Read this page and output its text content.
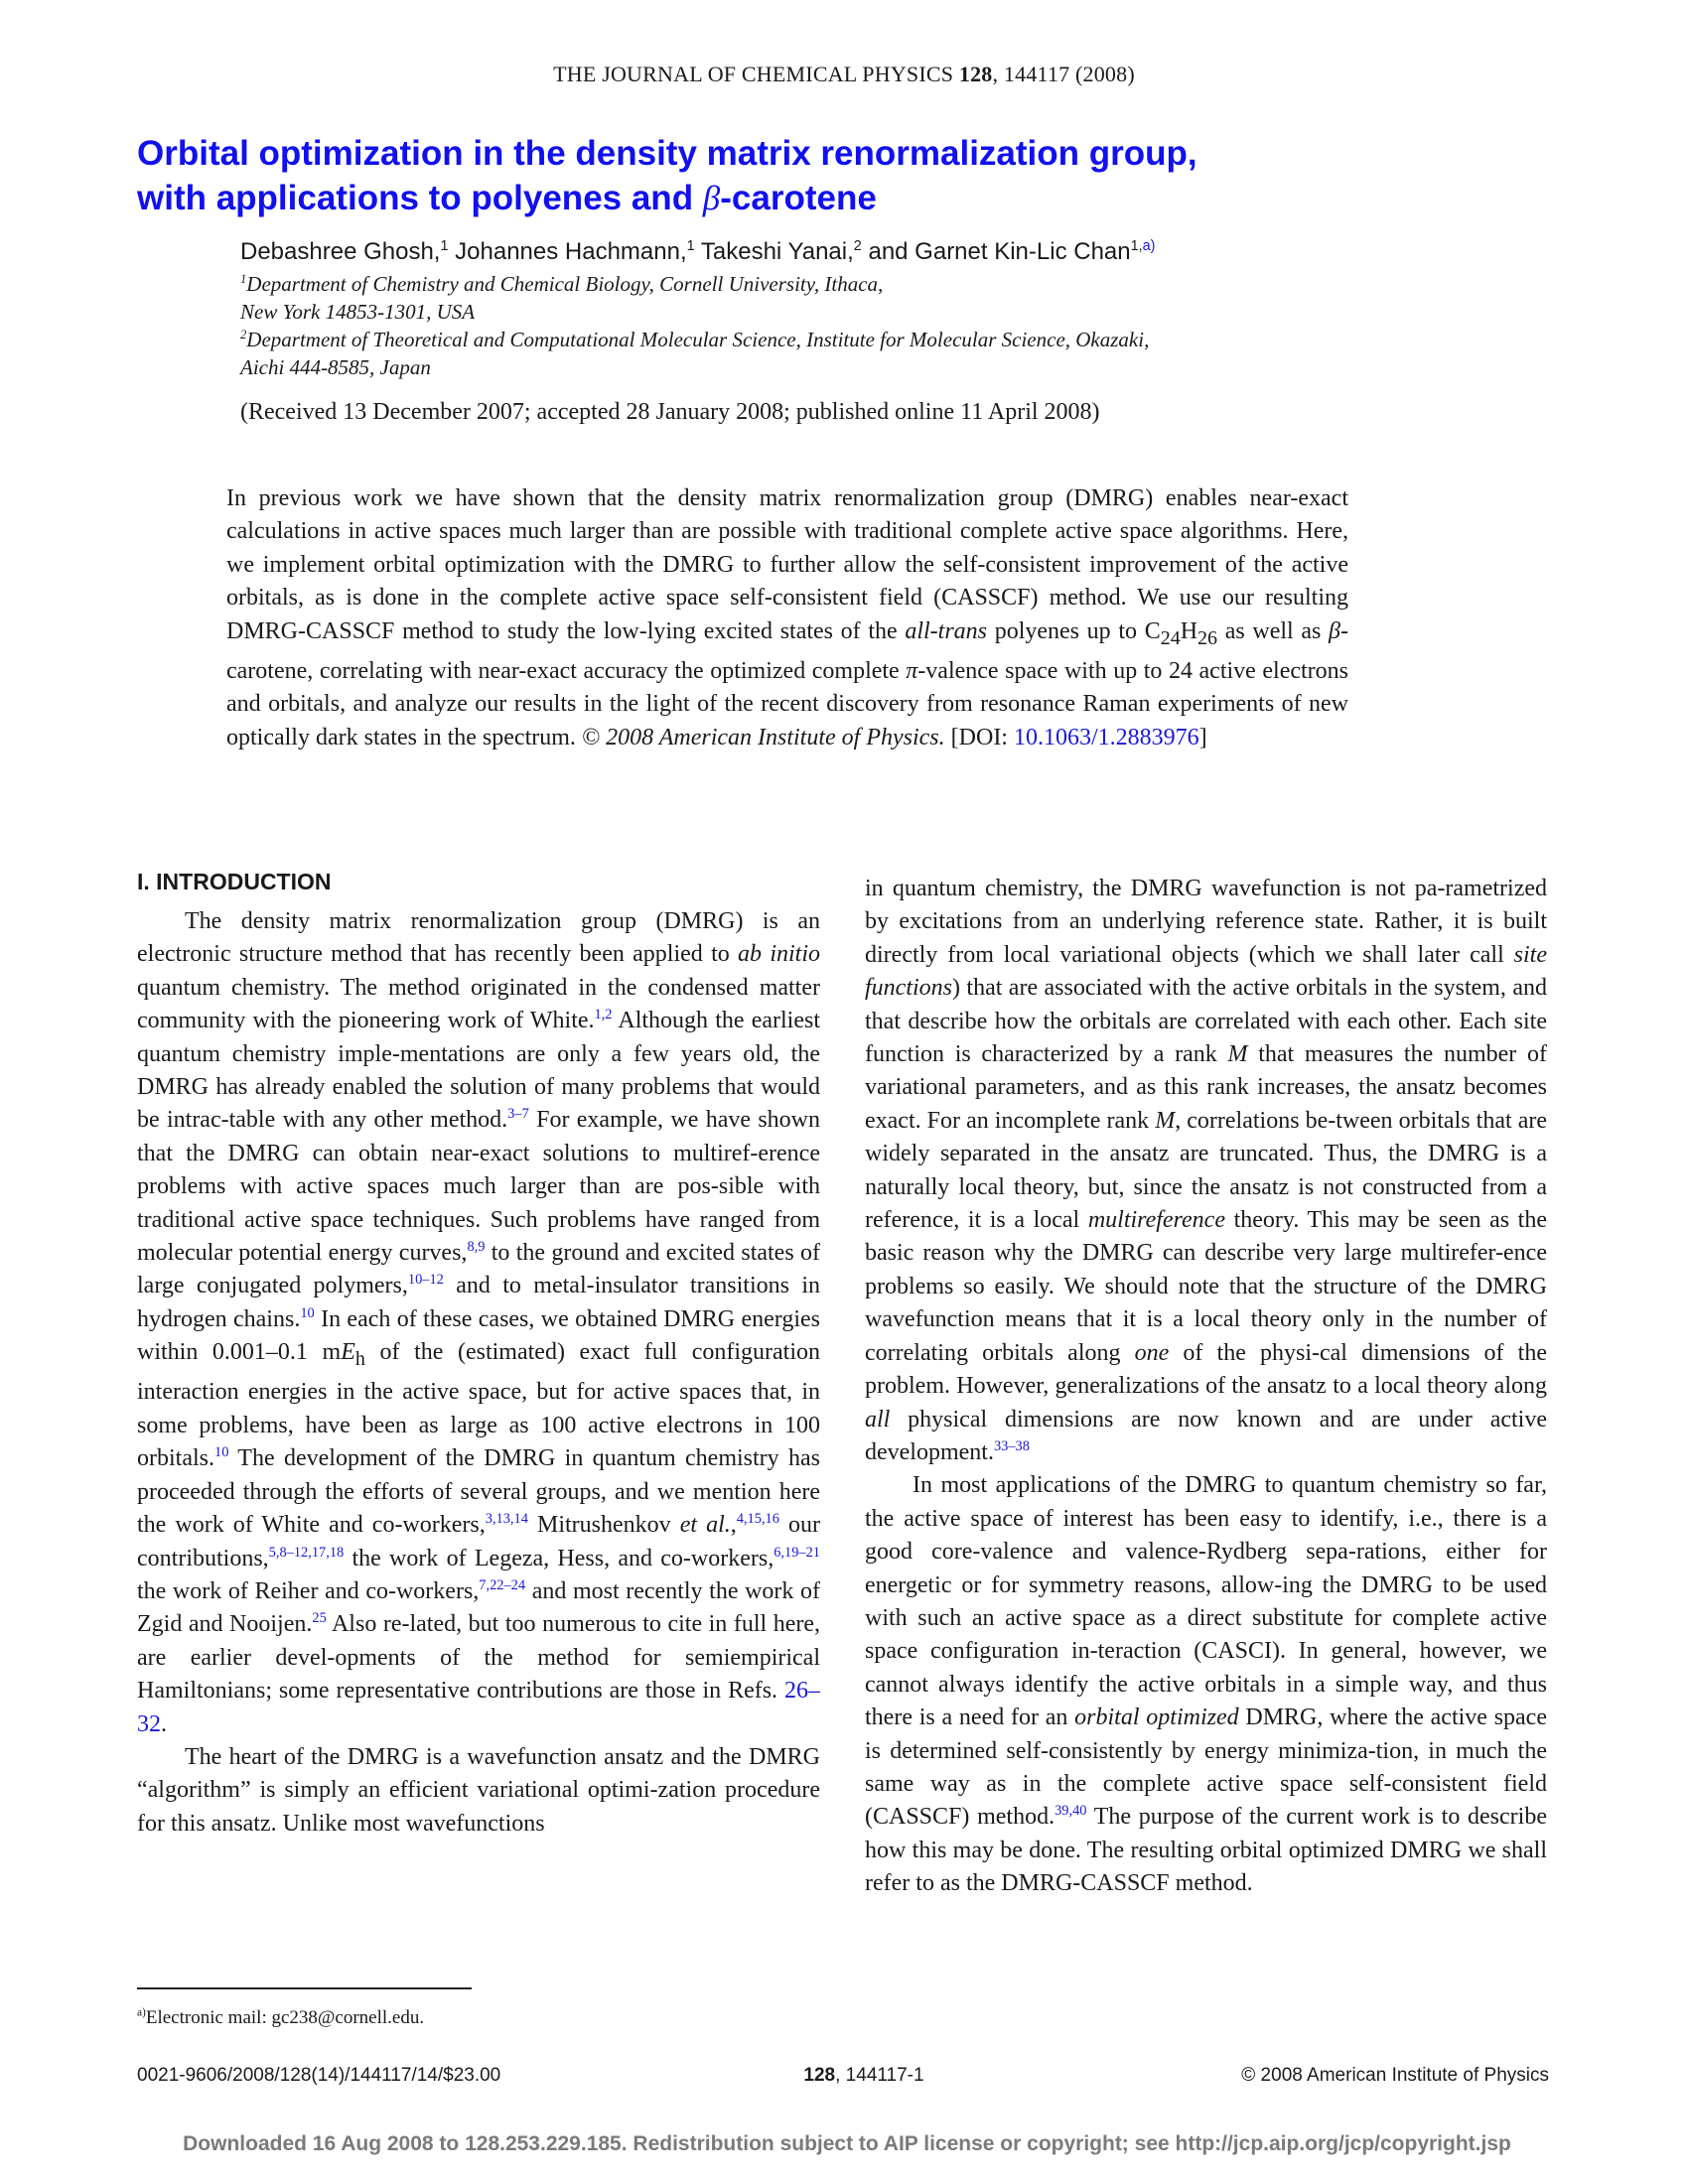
THE JOURNAL OF CHEMICAL PHYSICS 128, 144117 (2008)
Orbital optimization in the density matrix renormalization group,
with applications to polyenes and β-carotene
Debashree Ghosh,$^1$ Johannes Hachmann,$^1$ Takeshi Yanai,$^2$ and Garnet Kin-Lic Chan$^{1,a)}$
$^1$Department of Chemistry and Chemical Biology, Cornell University, Ithaca,
New York 14853-1301, USA
$^2$Department of Theoretical and Computational Molecular Science, Institute for Molecular Science, Okazaki,
Aichi 444-8585, Japan
(Received 13 December 2007; accepted 28 January 2008; published online 11 April 2008)
In previous work we have shown that the density matrix renormalization group (DMRG) enables near-exact calculations in active spaces much larger than are possible with traditional complete active space algorithms. Here, we implement orbital optimization with the DMRG to further allow the self-consistent improvement of the active orbitals, as is done in the complete active space self-consistent field (CASSCF) method. We use our resulting DMRG-CASSCF method to study the low-lying excited states of the all-trans polyenes up to $C_{24}H_{26}$ as well as β-carotene, correlating with near-exact accuracy the optimized complete π-valence space with up to 24 active electrons and orbitals, and analyze our results in the light of the recent discovery from resonance Raman experiments of new optically dark states in the spectrum. © 2008 American Institute of Physics. [DOI: 10.1063/1.2883976]
I. INTRODUCTION

The density matrix renormalization group (DMRG) is an electronic structure method that has recently been applied to ab initio quantum chemistry. The method originated in the condensed matter community with the pioneering work of White.$^{1,2}$ Although the earliest quantum chemistry imple-mentations are only a few years old, the DMRG has already enabled the solution of many problems that would be intrac-table with any other method.$^{3-7}$ For example, we have shown that the DMRG can obtain near-exact solutions to multiref-erence problems with active spaces much larger than are pos-sible with traditional active space techniques. Such problems have ranged from molecular potential energy curves,$^{8,9}$ to the ground and excited states of large conjugated polymers,$^{10-12}$ and to metal-insulator transitions in hydrogen chains.$^{10}$ In each of these cases, we obtained DMRG energies within 0.001–0.1 $mE_h$ of the (estimated) exact full configuration interaction energies in the active space, but for active spaces that, in some problems, have been as large as 100 active electrons in 100 orbitals.$^{10}$ The development of the DMRG in quantum chemistry has proceeded through the efforts of several groups, and we mention here the work of White and co-workers,$^{3,13,14}$ Mitrushenkov et al.,$^{4,15,16}$ our contributions,$^{5,8-12,17,18}$ the work of Legeza, Hess, and co-workers,$^{6,19-21}$ the work of Reiher and co-workers,$^{7,22-24}$ and most recently the work of Zgid and Nooijen.$^{25}$ Also re-lated, but too numerous to cite in full here, are earlier devel-opments of the method for semiempirical Hamiltonians; some representative contributions are those in Refs. 26–32.

The heart of the DMRG is a wavefunction ansatz and the DMRG “algorithm” is simply an efficient variational optimi-zation procedure for this ansatz. Unlike most wavefunctions

in quantum chemistry, the DMRG wavefunction is not pa-rametrized by excitations from an underlying reference state. Rather, it is built directly from local variational objects (which we shall later call site functions) that are associated with the active orbitals in the system, and that describe how the orbitals are correlated with each other. Each site function is characterized by a rank M that measures the number of variational parameters, and as this rank increases, the ansatz becomes exact. For an incomplete rank M, correlations be-tween orbitals that are widely separated in the ansatz are truncated. Thus, the DMRG is a naturally local theory, but, since the ansatz is not constructed from a reference, it is a local multireference theory. This may be seen as the basic reason why the DMRG can describe very large multirefer-ence problems so easily. We should note that the structure of the DMRG wavefunction means that it is a local theory only in the number of correlating orbitals along one of the physi-cal dimensions of the problem. However, generalizations of the ansatz to a local theory along all physical dimensions are now known and are under active development.$^{33-38}$

In most applications of the DMRG to quantum chemistry so far, the active space of interest has been easy to identify, i.e., there is a good core-valence and valence-Rydberg sepa-rations, either for energetic or for symmetry reasons, allow-ing the DMRG to be used with such an active space as a direct substitute for complete active space configuration in-teraction (CASCI). In general, however, we cannot always identify the active orbitals in a simple way, and thus there is a need for an orbital optimized DMRG, where the active space is determined self-consistently by energy minimiza-tion, in much the same way as in the complete active space self-consistent field (CASSCF) method.$^{39,40}$ The purpose of the current work is to describe how this may be done. The resulting orbital optimized DMRG we shall refer to as the DMRG-CASSCF method.

$^{a)}$Electronic mail: gc238@cornell.edu.
0021-9606/2008/128(14)/144117/14/$23.00	128, 144117-1	© 2008 American Institute of Physics
Downloaded 16 Aug 2008 to 128.253.229.185. Redistribution subject to AIP license or copyright; see http://jcp.aip.org/jcp/copyright.jsp
